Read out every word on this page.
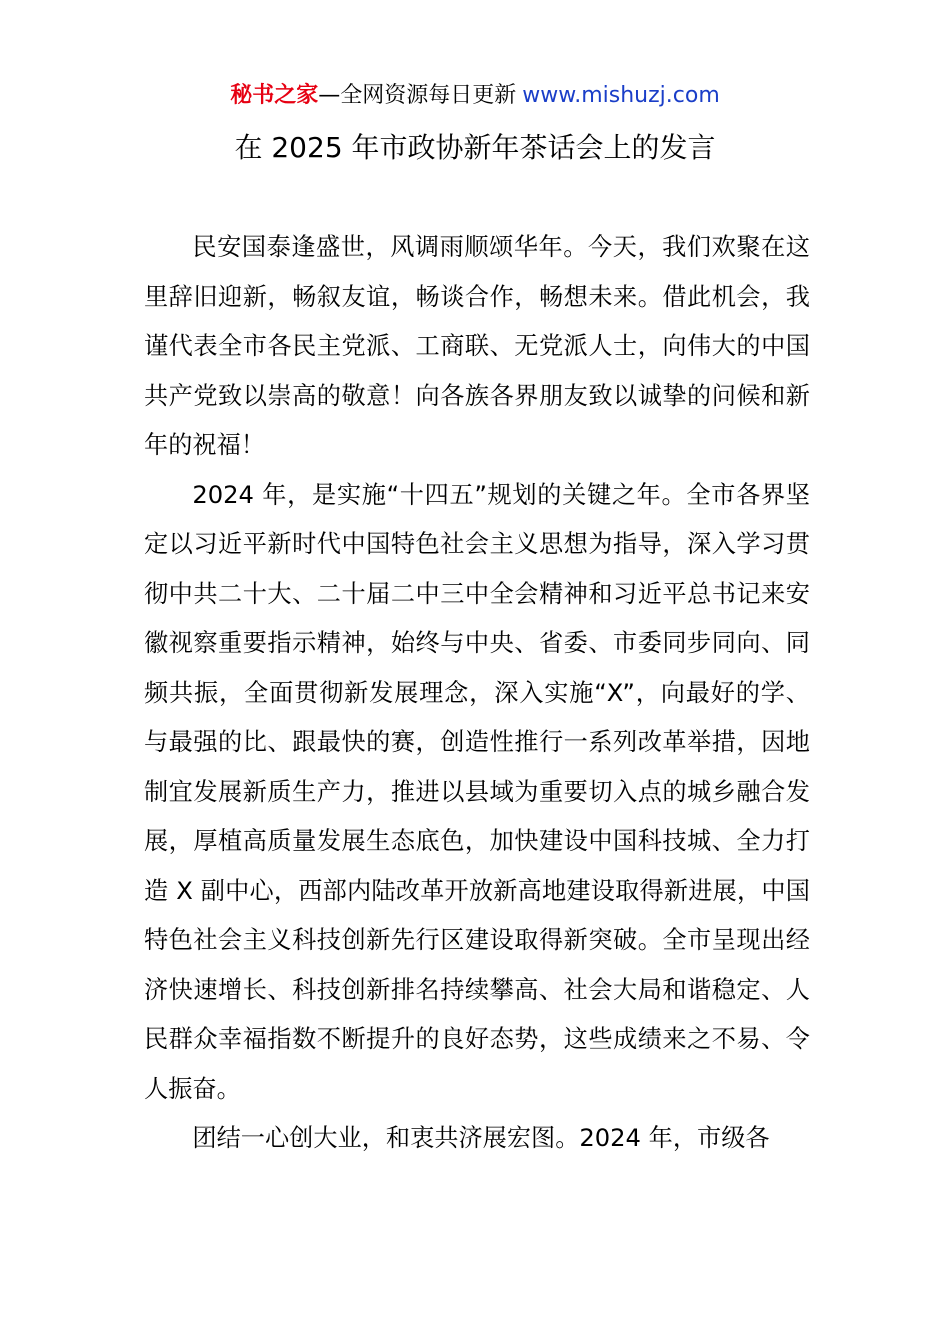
秘书之家—全网资源每日更新 www.mishuzj.com
在 2025 年市政协新年茶话会上的发言

民安国泰逢盛世，风调雨顺颂华年。今天，我们欢聚在这里辞旧迎新，畅叙友谊，畅谈合作，畅想未来。借此机会，我谨代表全市各民主党派、工商联、无党派人士，向伟大的中国共产党致以崇高的敬意！向各族各界朋友致以诚挚的问候和新年的祝福！

2024 年，是实施“十四五”规划的关键之年。全市各界坚定以习近平新时代中国特色社会主义思想为指导，深入学习贯彻中共二十大、二十届二中三中全会精神和习近平总书记来安徽视察重要指示精神，始终与中央、省委、市委同步同向、同频共振，全面贯彻新发展理念，深入实施“X”，向最好的学、与最强的比、跟最快的赛，创造性推行一系列改革举措，因地制宜发展新质生产力，推进以县域为重要切入点的城乡融合发展，厚植高质量发展生态底色，加快建设中国科技城、全力打造 X 副中心，西部内陆改革开放新高地建设取得新进展，中国特色社会主义科技创新先行区建设取得新突破。全市呈现出经济快速增长、科技创新排名持续攀高、社会大局和谐稳定、人民群众幸福指数不断提升的良好态势，这些成绩来之不易、令人振奋。

团结一心创大业，和衷共济展宏图。2024 年，市级各
